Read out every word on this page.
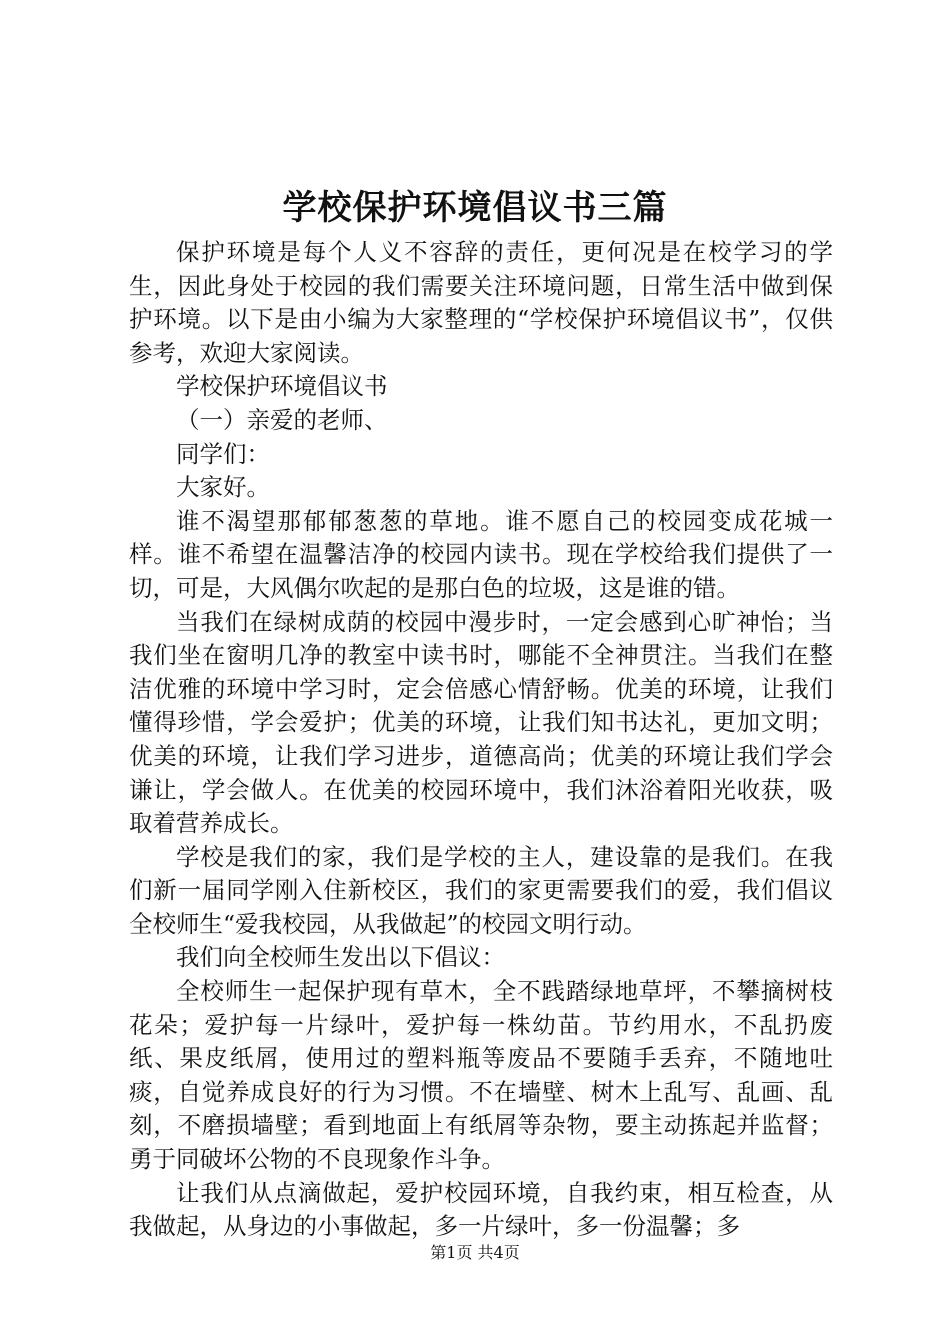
学校保护环境倡议书三篇

保护环境是每个人义不容辞的责任，更何况是在校学习的学生，因此身处于校园的我们需要关注环境问题，日常生活中做到保护环境。以下是由小编为大家整理的“学校保护环境倡议书”，仅供参考，欢迎大家阅读。

学校保护环境倡议书

（一）亲爱的老师、

同学们：

大家好。

谁不渴望那郁郁葱葱的草地。谁不愿自己的校园变成花城一样。谁不希望在温馨洁净的校园内读书。现在学校给我们提供了一切，可是，大风偶尔吹起的是那白色的垃圾，这是谁的错。

当我们在绿树成荫的校园中漫步时，一定会感到心旷神怡；当我们坐在窗明几净的教室中读书时，哪能不全神贯注。当我们在整洁优雅的环境中学习时，定会倍感心情舒畅。优美的环境，让我们懂得珍惜，学会爱护；优美的环境，让我们知书达礼，更加文明；优美的环境，让我们学习进步，道德高尚；优美的环境让我们学会谦让，学会做人。在优美的校园环境中，我们沐浴着阳光收获，吸取着营养成长。

学校是我们的家，我们是学校的主人，建设靠的是我们。在我们新一届同学刚入住新校区，我们的家更需要我们的爱，我们倡议全校师生“爱我校园，从我做起”的校园文明行动。

我们向全校师生发出以下倡议：

全校师生一起保护现有草木，全不践踏绿地草坪，不攀摘树枝花朵；爱护每一片绿叶，爱护每一株幼苗。节约用水，不乱扔废纸、果皮纸屑，使用过的塑料瓶等废品不要随手丢弃，不随地吐痰，自觉养成良好的行为习惯。不在墙壁、树木上乱写、乱画、乱刻，不磨损墙壁；看到地面上有纸屑等杂物，要主动拣起并监督；勇于同破坏公物的不良现象作斗争。

让我们从点滴做起，爱护校园环境，自我约束，相互检查，从我做起，从身边的小事做起，多一片绿叶，多一份温馨；多

第1页 共4页
